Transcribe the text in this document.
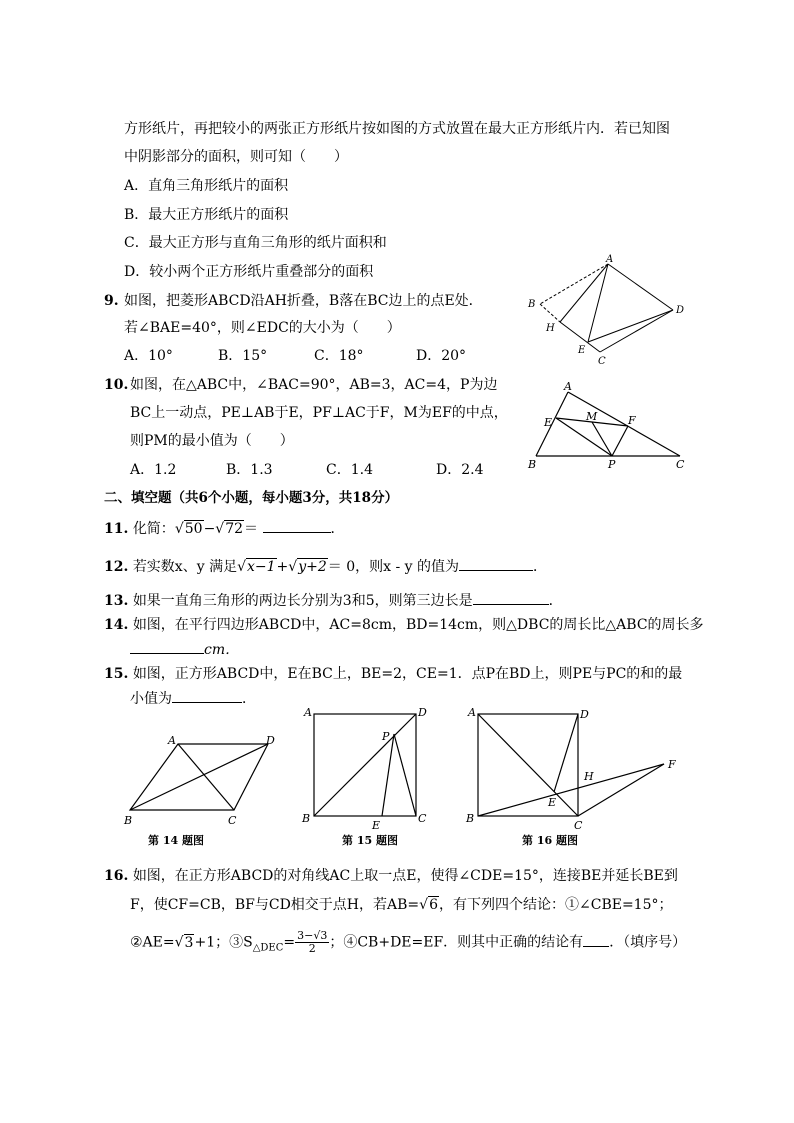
方形纸片，再把较小的两张正方形纸片按如图的方式放置在最大正方形纸片内．若已知图
中阴影部分的面积，则可知（　　）
A．直角三角形纸片的面积
B．最大正方形纸片的面积
C．最大正方形与直角三角形的纸片面积和
D．较小两个正方形纸片重叠部分的面积
9. 如图，把菱形ABCD沿AH折叠，B落在BC边上的点E处．
若∠BAE=40°，则∠EDC的大小为（　　）
A．10°	B．15°	C．18°	D．20°
A
B
H
E
C
D
10. 如图，在△ABC中，∠BAC=90°，AB=3，AC=4，P为边
BC上一动点，PE⊥AB于E，PF⊥AC于F，M为EF的中点，
则PM的最小值为（　　）
A．1.2	B．1.3	C．1.4	D．2.4
A
E	M	F
B	P	C
二、填空题（共6个小题，每小题3分，共18分）
11. 化简：√50−√72＝	．
12. 若实数x、y 满足√x−1+√y+2＝ 0，则x - y 的值为	．
13. 如果一直角三角形的两边长分别为3和5，则第三边长是	．
14. 如图，在平行四边形ABCD中，AC=8cm，BD=14cm，则△DBC的周长比△ABC的周长多
cm．
15. 如图，正方形ABCD中，E在BC上，BE=2，CE=1．点P在BD上，则PE与PC的和的最
小值为	．
A	D
B	C
第 14 题图
A	D
P
B
E
C
第 15 题图
A	D
H
F
E
B
C
第 16 题图
16. 如图，在正方形ABCD的对角线AC上取一点E，使得∠CDE=15°，连接BE并延长BE到
F，使CF=CB，BF与CD相交于点H，若AB=√6，有下列四个结论：①∠CBE=15°；
②AE=√3+1；$③S_{\triangle DEC}= \frac{3-√3}{2}$ ；④CB+DE=EF．则其中正确的结论有 ．（填序号）
